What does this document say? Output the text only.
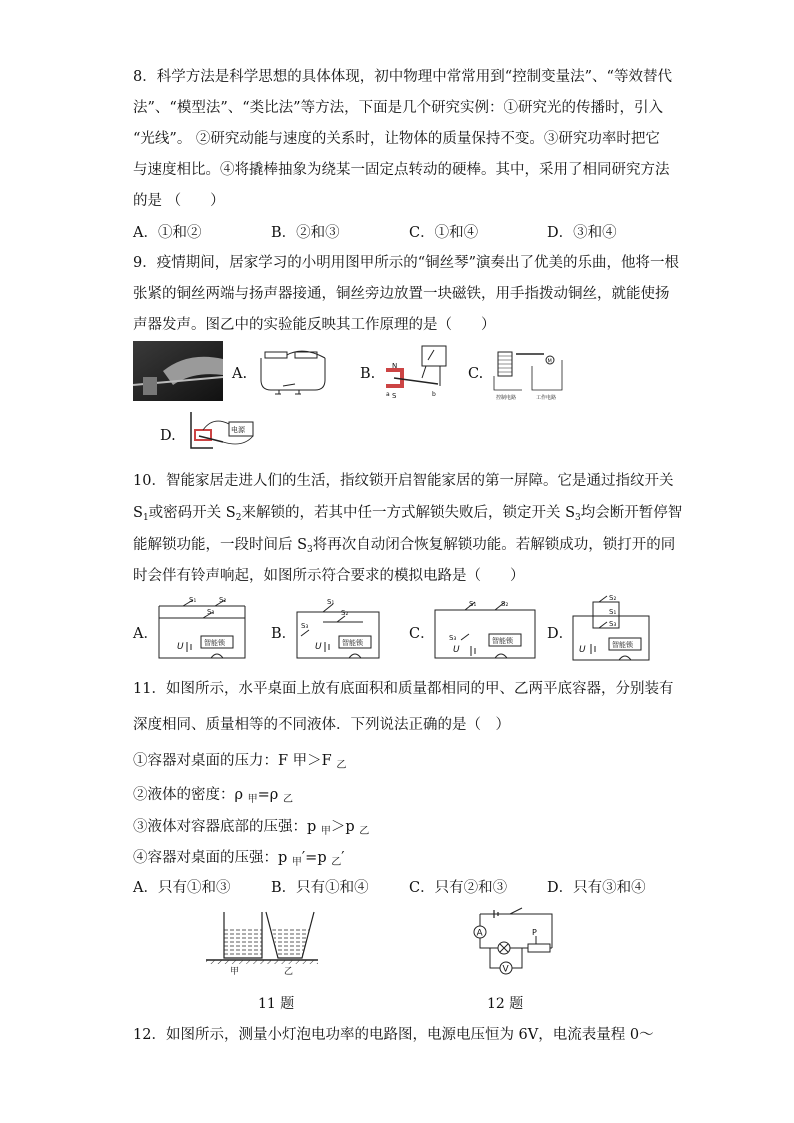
8．科学方法是科学思想的具体体现，初中物理中常常用到“控制变量法”、“等效替代
法”、“模型法”、“类比法”等方法，下面是几个研究实例：①研究光的传播时，引入
“光线”。 ②研究动能与速度的关系时，让物体的质量保持不变。③研究功率时把它
与速度相比。④将撬棒抽象为绕某一固定点转动的硬棒。其中，采用了相同研究方法
的是 （　　）
A．①和②	B．②和③	C．①和④	D．③和④
9．疫情期间，居家学习的小明用图甲所示的“铜丝琴”演奏出了优美的乐曲，他将一根
张紧的铜丝两端与扬声器接通，铜丝旁边放置一块磁铁，用手指拨动铜丝，就能使扬
声器发声。图乙中的实验能反映其工作原理的是（　　）
A.	B. N
S
a	b
C.
M
控制电路	工作电路
D.	电源
10．智能家居走进人们的生活，指纹锁开启智能家居的第一屏障。它是通过指纹开关
$S_1$或密码开关 $S_2$来解锁的，若其中任一方式解锁失败后，锁定开关 $S_3$均会断开暂停智
能解锁功能，一段时间后 $S_3$将再次自动闭合恢复解锁功能。若解锁成功，锁打开的同
时会伴有铃声响起，如图所示符合要求的模拟电路是（　　）
A．
S₁	S₂
S₃
智能锁
U
B．
S₁
S₂
S₃
智能锁
U
C．
S₁	S₂
S₃	智能锁
U
D．
S₂
S₁
S₃
智能锁
U
11．如图所示，水平桌面上放有底面积和质量都相同的甲、乙两平底容器，分别装有
深度相同、质量相等的不同液体．下列说法正确的是（　）
①容器对桌面的压力：F 甲＞F $_乙$
②液体的密度：ρ $_甲$=ρ $_乙$
③液体对容器底部的压强：p $_甲$＞p $_乙$
④容器对桌面的压强：p $_甲$′=p $_乙$′
A．只有①和③	B．只有①和④	C．只有②和③	D．只有③和④
甲	乙
11 题
A	P
V
12 题
12．如图所示，测量小灯泡电功率的电路图，电源电压恒为 6V，电流表量程 0～
